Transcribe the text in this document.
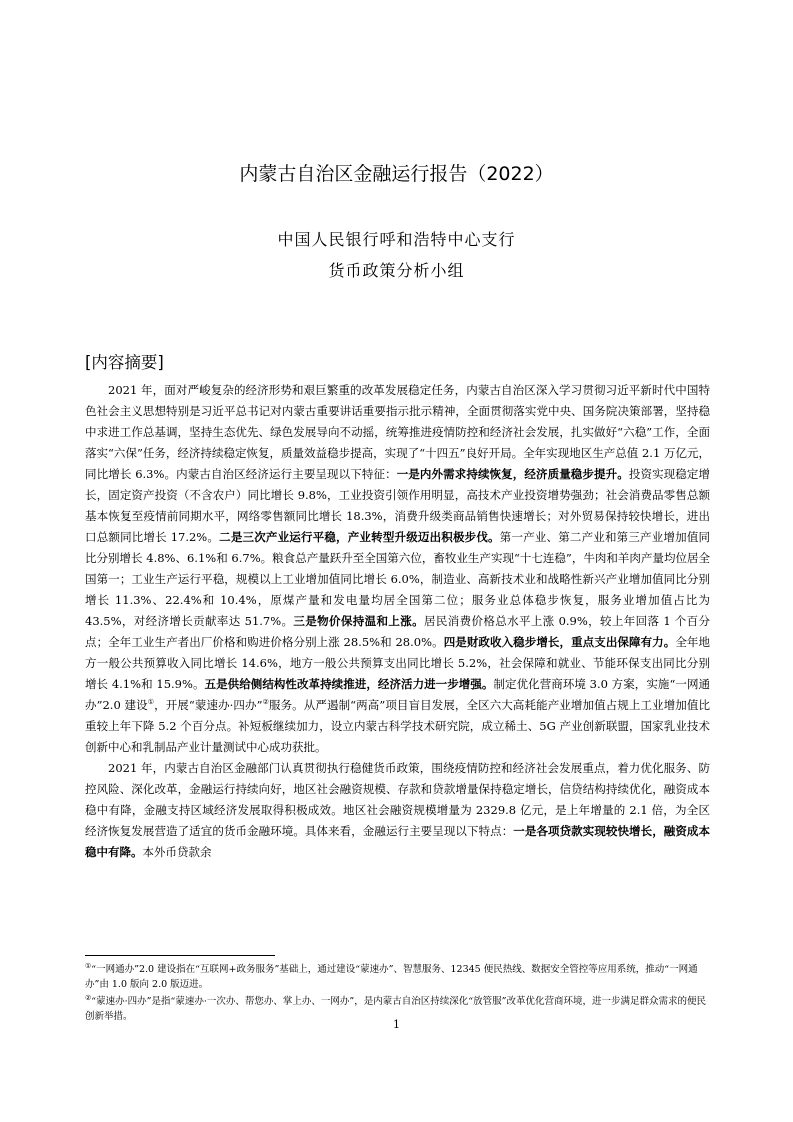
内蒙古自治区金融运行报告（2022）
中国人民银行呼和浩特中心支行
货币政策分析小组
[内容摘要]

2021 年，面对严峻复杂的经济形势和艰巨繁重的改革发展稳定任务，内蒙古自治区深入学习贯彻习近平新时代中国特色社会主义思想特别是习近平总书记对内蒙古重要讲话重要指示批示精神，全面贯彻落实党中央、国务院决策部署，坚持稳中求进工作总基调，坚持生态优先、绿色发展导向不动摇，统筹推进疫情防控和经济社会发展，扎实做好“六稳”工作，全面落实“六保”任务，经济持续稳定恢复，质量效益稳步提高，实现了“十四五”良好开局。全年实现地区生产总值 2.1 万亿元，同比增长 6.3%。内蒙古自治区经济运行主要呈现以下特征：一是内外需求持续恢复，经济质量稳步提升。投资实现稳定增长，固定资产投资（不含农户）同比增长 9.8%，工业投资引领作用明显，高技术产业投资增势强劲；社会消费品零售总额基本恢复至疫情前同期水平，网络零售额同比增长 18.3%，消费升级类商品销售快速增长；对外贸易保持较快增长，进出口总额同比增长 17.2%。二是三次产业运行平稳，产业转型升级迈出积极步伐。第一产业、第二产业和第三产业增加值同比分别增长 4.8%、6.1%和 6.7%。粮食总产量跃升至全国第六位，畜牧业生产实现“十七连稳”，牛肉和羊肉产量均位居全国第一；工业生产运行平稳，规模以上工业增加值同比增长 6.0%，制造业、高新技术业和战略性新兴产业增加值同比分别增长 11.3%、22.4%和 10.4%，原煤产量和发电量均居全国第二位；服务业总体稳步恢复，服务业增加值占比为 43.5%，对经济增长贡献率达 51.7%。三是物价保持温和上涨。居民消费价格总水平上涨 0.9%，较上年回落 1 个百分点；全年工业生产者出厂价格和购进价格分别上涨 28.5%和 28.0%。四是财政收入稳步增长，重点支出保障有力。全年地方一般公共预算收入同比增长 14.6%，地方一般公共预算支出同比增长 5.2%，社会保障和就业、节能环保支出同比分别增长 4.1%和 15.9%。五是供给侧结构性改革持续推进，经济活力进一步增强。制定优化营商环境 3.0 方案，实施“一网通办”2.0 建设①，开展“蒙速办·四办”②服务。从严遏制“两高”项目盲目发展，全区六大高耗能产业增加值占规上工业增加值比重较上年下降 5.2 个百分点。补短板继续加力，设立内蒙古科学技术研究院，成立稀土、5G 产业创新联盟，国家乳业技术创新中心和乳制品产业计量测试中心成功获批。

2021 年，内蒙古自治区金融部门认真贯彻执行稳健货币政策，围绕疫情防控和经济社会发展重点，着力优化服务、防控风险、深化改革，金融运行持续向好，地区社会融资规模、存款和贷款增量保持稳定增长，信贷结构持续优化，融资成本稳中有降，金融支持区域经济发展取得积极成效。地区社会融资规模增量为 2329.8 亿元，是上年增量的 2.1 倍，为全区经济恢复发展营造了适宜的货币金融环境。具体来看，金融运行主要呈现以下特点：一是各项贷款实现较快增长，融资成本稳中有降。本外币贷款余

①“一网通办”2.0 建设指在“互联网+政务服务”基础上，通过建设“蒙速办”、智慧服务、12345 便民热线、数据安全管控等应用系统，推动“一网通办”由 1.0 版向 2.0 版迈进。

②“蒙速办·四办”是指“蒙速办·一次办、帮您办、掌上办、一网办”，是内蒙古自治区持续深化“放管服”改革优化营商环境，进一步满足群众需求的便民创新举措。

1
